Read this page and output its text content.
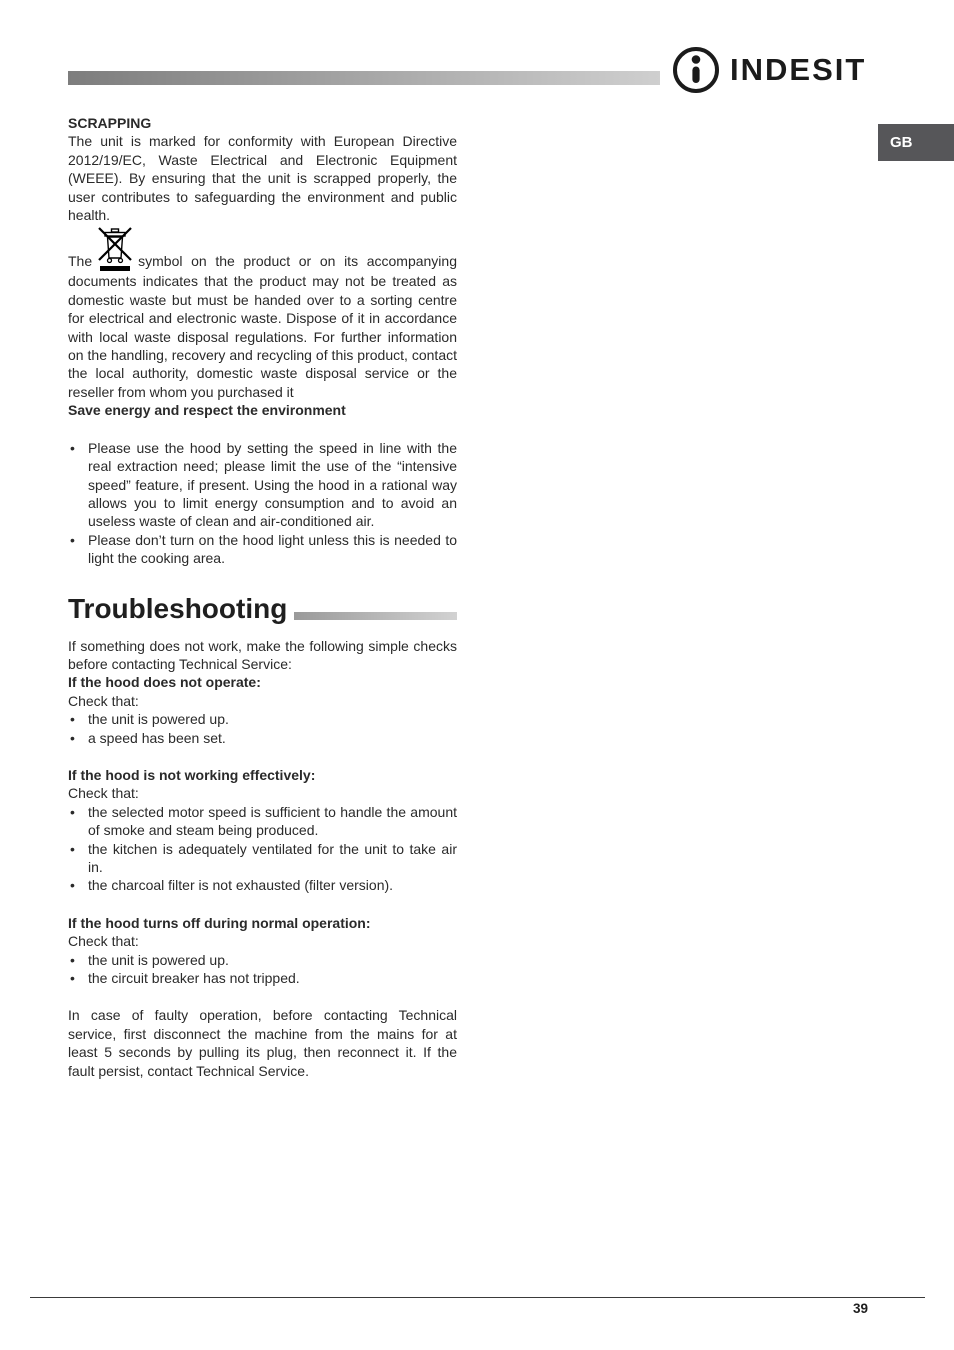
INDESIT
GB

SCRAPPING

The unit is marked for conformity with European Directive 2012/19/EC, Waste Electrical and Electronic Equipment (WEEE). By ensuring that the unit is scrapped properly, the user contributes to safeguarding the environment and public health.

The	symbol on the product or on its accompanying documents indicates that the product may not be treated as domestic waste but must be handed over to a sorting centre for electrical and electronic waste. Dispose of it in accordance with local waste disposal regulations. For further information on the handling, recovery and recycling of this product, contact the local authority, domestic waste disposal service or the reseller from whom you purchased it

Save energy and respect the environment

• Please use the hood by setting the speed in line with the real extraction need; please limit the use of the “intensive speed” feature, if present. Using the hood in a rational way allows you to limit energy consumption and to avoid an useless waste of clean and air-conditioned air.
• Please don’t turn on the hood light unless this is needed to light the cooking area.
Troubleshooting

If something does not work, make the following simple checks before contacting Technical Service:

If the hood does not operate:

Check that:

• the unit is powered up.
• a speed has been set.

If the hood is not working effectively:

Check that:

• the selected motor speed is sufficient to handle the amount of smoke and steam being produced.
• the kitchen is adequately ventilated for the unit to take air in.
• the charcoal filter is not exhausted (filter version).

If the hood turns off during normal operation:

Check that:

• the unit is powered up.
• the circuit breaker has not tripped.

In case of faulty operation, before contacting Technical service, first disconnect the machine from the mains for at least 5 seconds by pulling its plug, then reconnect it. If the fault persist, contact Technical Service.

39
